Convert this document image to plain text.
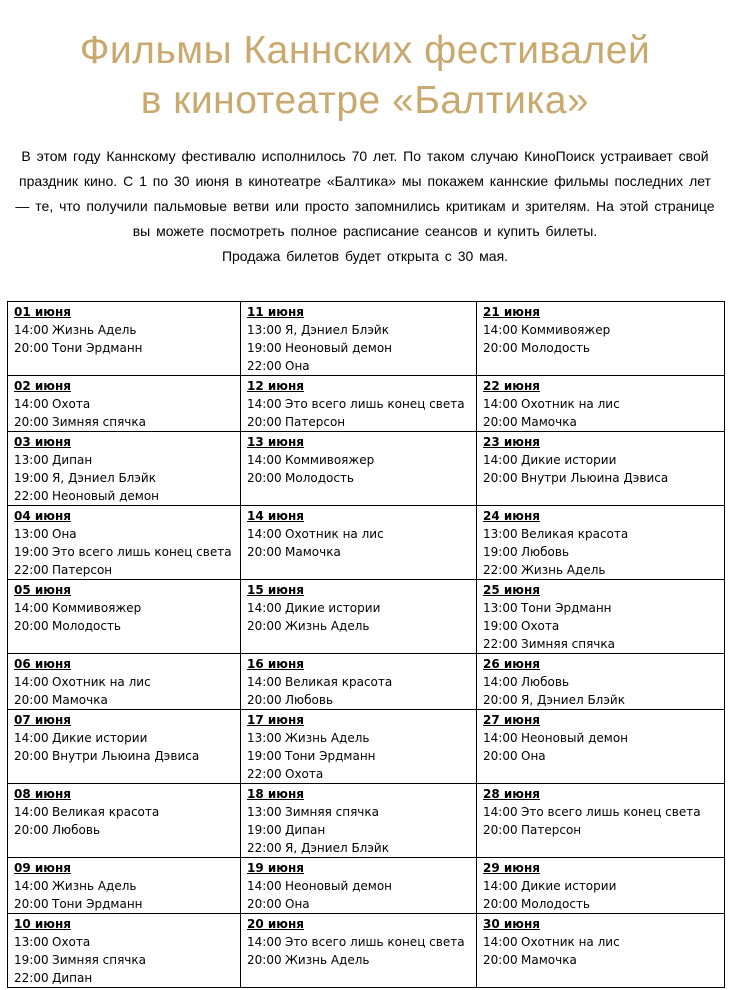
Фильмы Каннских фестивалей
в кинотеатре «Балтика»

В этом году Каннскому фестивалю исполнилось 70 лет. По таком случаю КиноПоиск устраивает свой праздник кино. С 1 по 30 июня в кинотеатре «Балтика» мы покажем каннские фильмы последних лет — те, что получили пальмовые ветви или просто запомнились критикам и зрителям. На этой странице вы можете посмотреть полное расписание сеансов и купить билеты.

Продажа билетов будет открыта с 30 мая.

01 июня
14:00 Жизнь Адель
20:00 Тони Эрдманн	11 июня
13:00 Я, Дэниел Блэйк
19:00 Неоновый демон
22:00 Она	21 июня
14:00 Коммивояжер
20:00 Молодость

02 июня
14:00 Охота
20:00 Зимняя спячка	12 июня
14:00 Это всего лишь конец света
20:00 Патерсон	22 июня
14:00 Охотник на лис
20:00 Мамочка

03 июня
13:00 Дипан
19:00 Я, Дэниел Блэйк
22:00 Неоновый демон	13 июня
14:00 Коммивояжер
20:00 Молодость	23 июня
14:00 Дикие истории
20:00 Внутри Льюина Дэвиса

04 июня
13:00 Она
19:00 Это всего лишь конец света
22:00 Патерсон	14 июня
14:00 Охотник на лис
20:00 Мамочка	24 июня
13:00 Великая красота
19:00 Любовь
22:00 Жизнь Адель

05 июня
14:00 Коммивояжер
20:00 Молодость	15 июня
14:00 Дикие истории
20:00 Жизнь Адель	25 июня
13:00 Тони Эрдманн
19:00 Охота
22:00 Зимняя спячка

06 июня
14:00 Охотник на лис
20:00 Мамочка	16 июня
14:00 Великая красота
20:00 Любовь	26 июня
14:00 Любовь
20:00 Я, Дэниел Блэйк

07 июня
14:00 Дикие истории
20:00 Внутри Льюина Дэвиса	17 июня
13:00 Жизнь Адель
19:00 Тони Эрдманн
22:00 Охота	27 июня
14:00 Неоновый демон
20:00 Она

08 июня
14:00 Великая красота
20:00 Любовь	18 июня
13:00 Зимняя спячка
19:00 Дипан
22:00 Я, Дэниел Блэйк	28 июня
14:00 Это всего лишь конец света
20:00 Патерсон

09 июня
14:00 Жизнь Адель
20:00 Тони Эрдманн	19 июня
14:00 Неоновый демон
20:00 Она	29 июня
14:00 Дикие истории
20:00 Молодость

10 июня
13:00 Охота
19:00 Зимняя спячка
22:00 Дипан	20 июня
14:00 Это всего лишь конец света
20:00 Жизнь Адель	30 июня
14:00 Охотник на лис
20:00 Мамочка
